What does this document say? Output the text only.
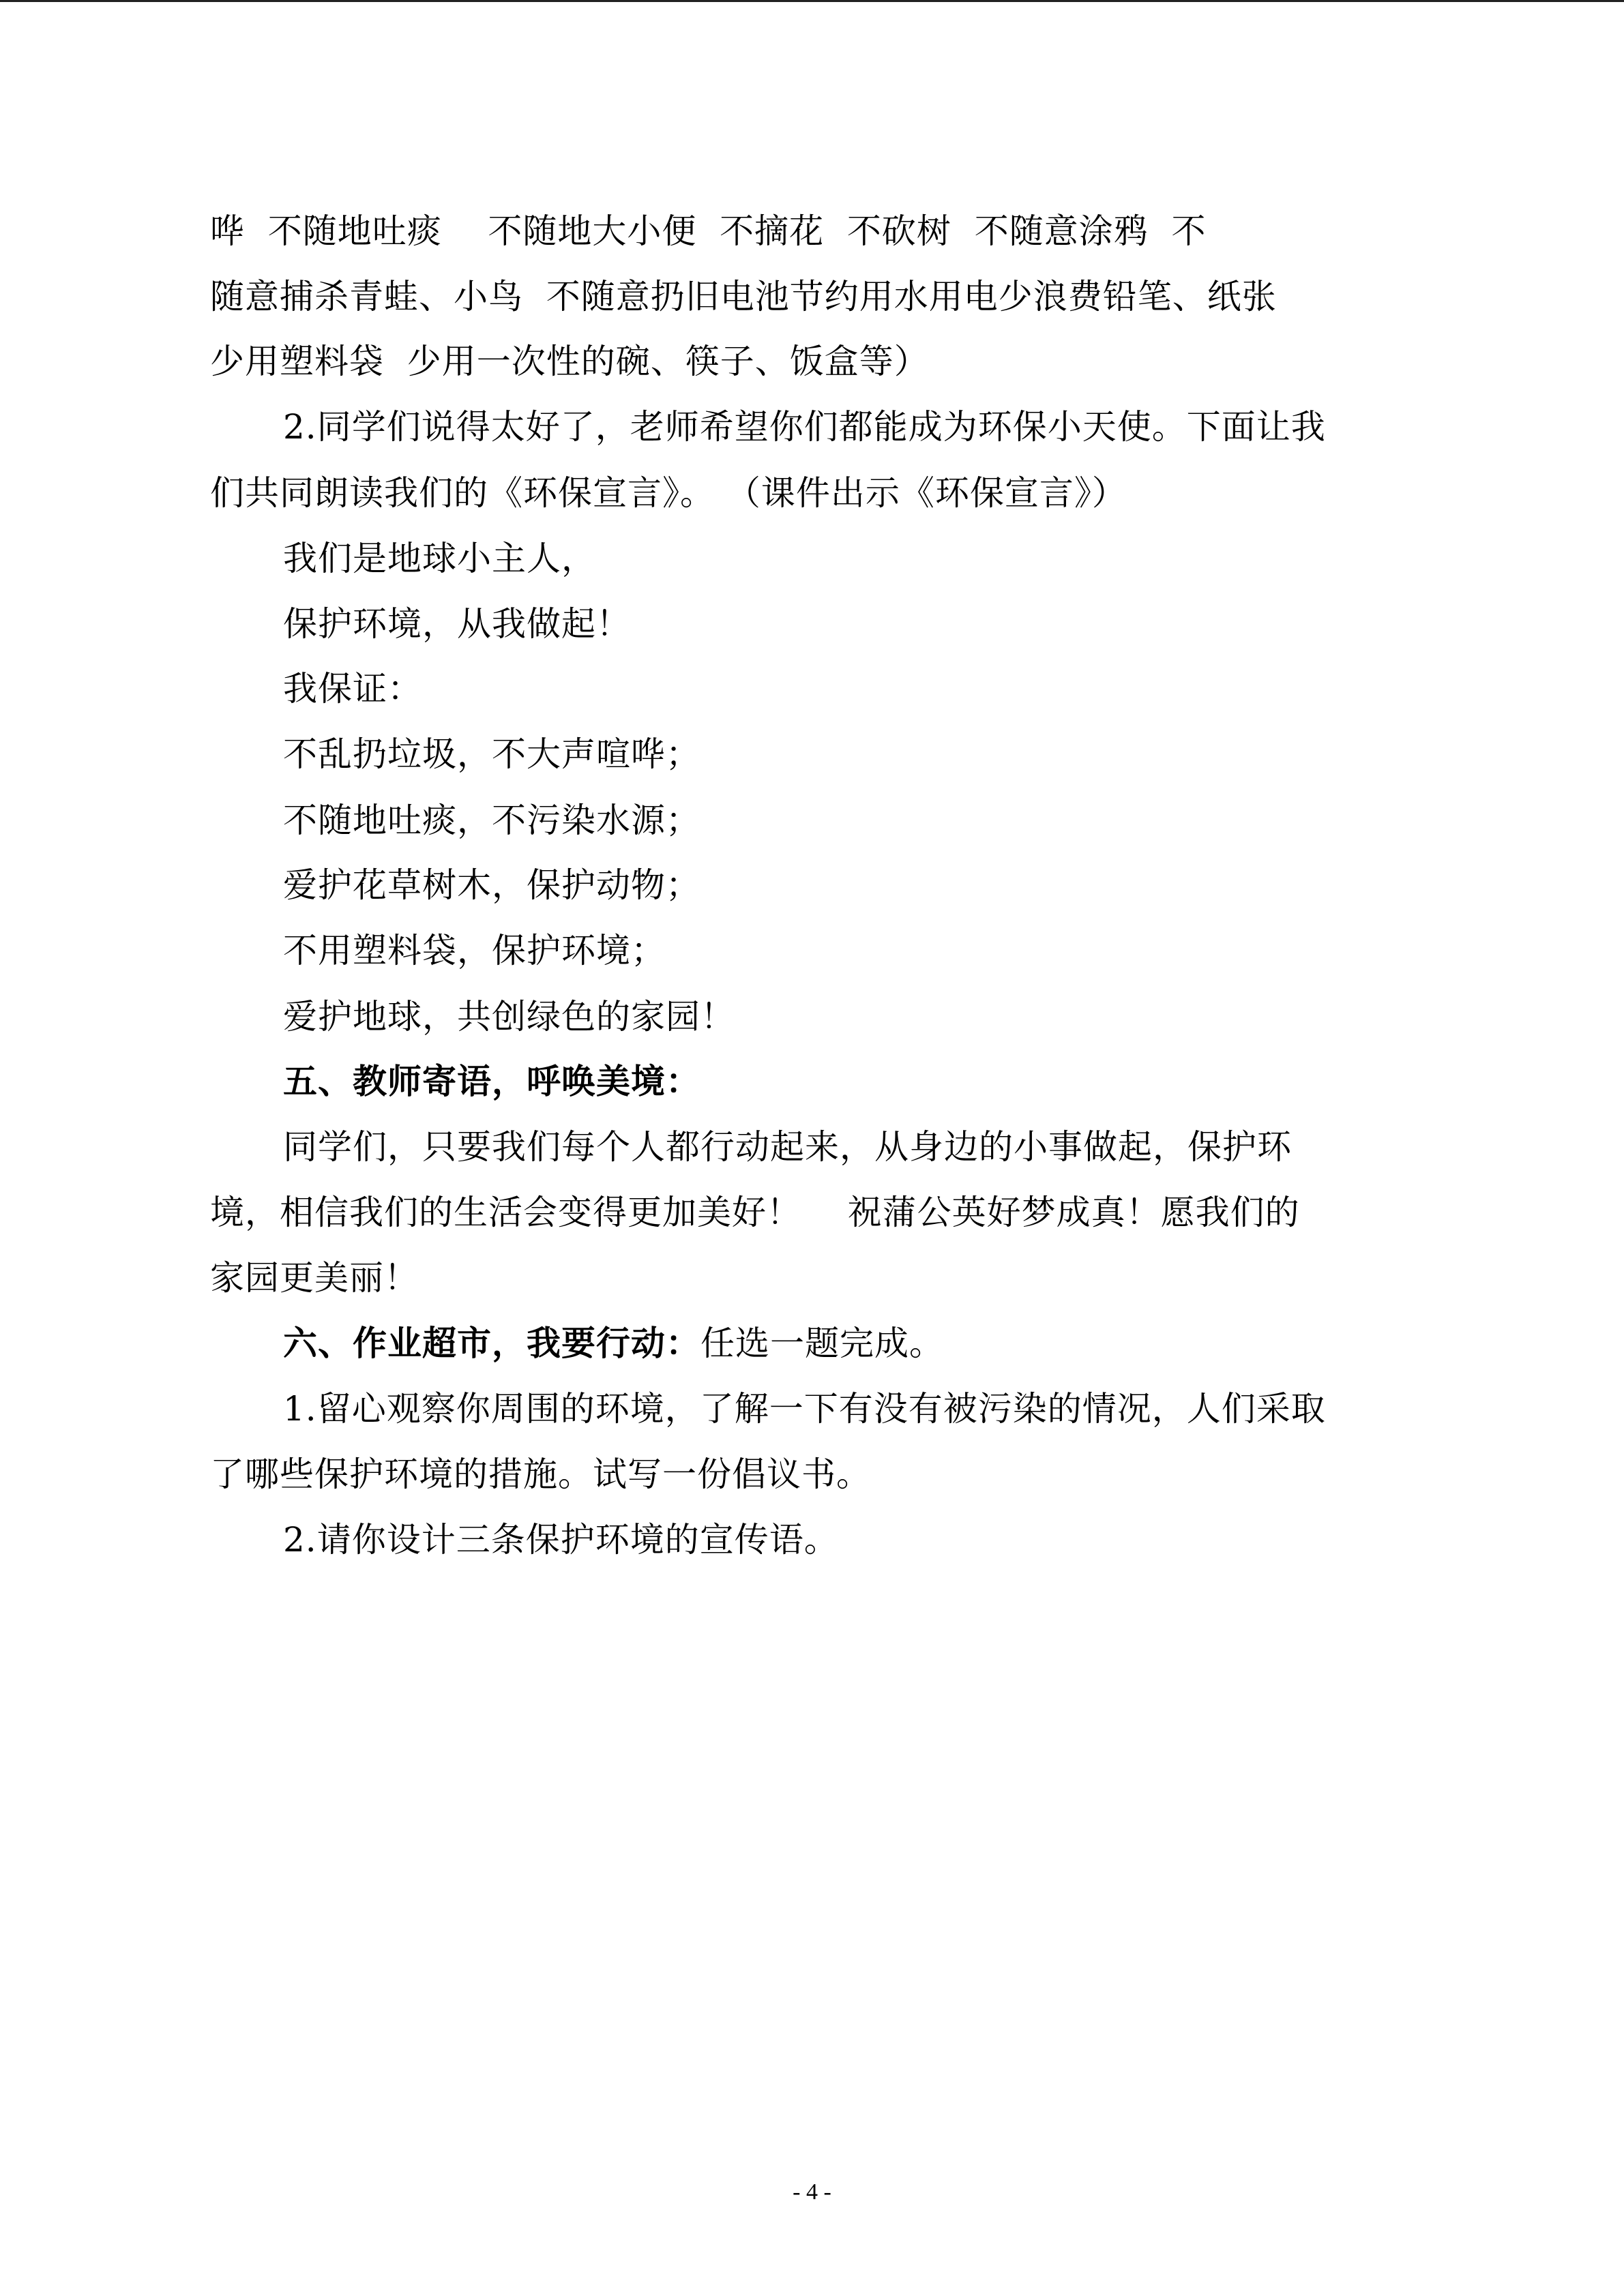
哗  不随地吐痰    不随地大小便  不摘花  不砍树  不随意涂鸦  不

随意捕杀青蛙、小鸟  不随意扔旧电池节约用水用电少浪费铅笔、纸张

少用塑料袋  少用一次性的碗、筷子、饭盒等）

2.同学们说得太好了，老师希望你们都能成为环保小天使。下面让我

们共同朗读我们的《环保宣言》。 （课件出示《环保宣言》）

我们是地球小主人，

保护环境，从我做起！

我保证：

不乱扔垃圾，不大声喧哗；

不随地吐痰，不污染水源；

爱护花草树木，保护动物；

不用塑料袋，保护环境；

爱护地球，共创绿色的家园！

五、教师寄语，呼唤美境：

同学们，只要我们每个人都行动起来，从身边的小事做起，保护环

境，相信我们的生活会变得更加美好！    祝蒲公英好梦成真！愿我们的

家园更美丽！

六、作业超市，我要行动：任选一题完成。

1.留心观察你周围的环境，了解一下有没有被污染的情况，人们采取

了哪些保护环境的措施。试写一份倡议书。

2.请你设计三条保护环境的宣传语。

- 4 -
